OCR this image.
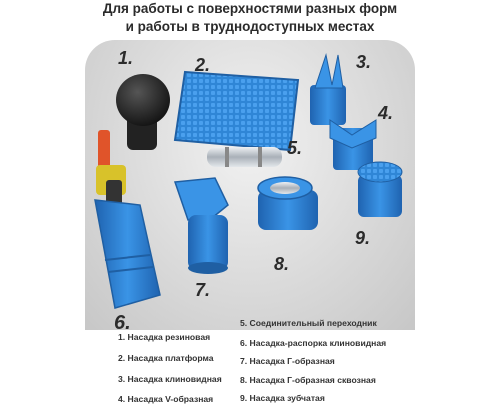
Для работы с поверхностями разных форм
и работы в труднодоступных местах
1.	2.	3.
4.
5.
6.
7.
8.
9.
1. Насадка резиновая
2. Насадка платформа
3. Насадка клиновидная
4. Насадка V-образная
5. Соединительный переходник
6. Насадка-распорка клиновидная
7. Насадка Г-образная
8. Насадка Г-образная сквозная
9. Насадка зубчатая
